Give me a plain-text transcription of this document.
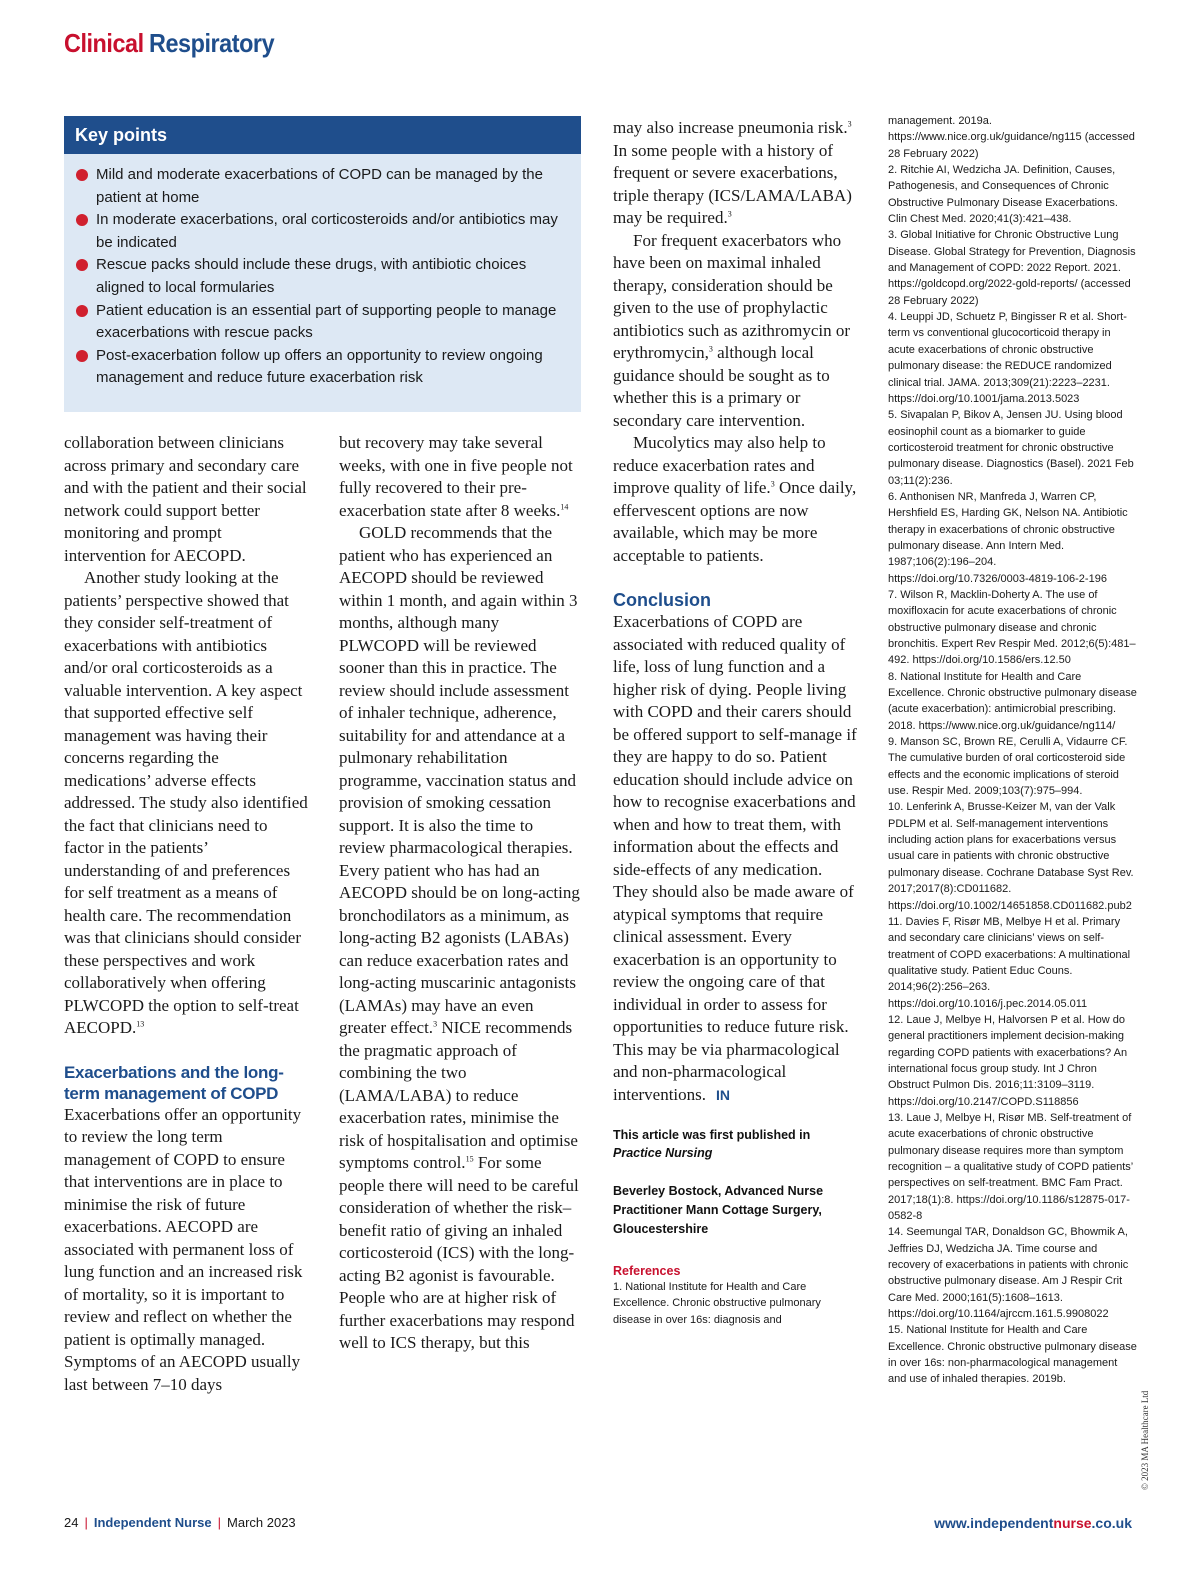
Clinical Respiratory
Key points
Mild and moderate exacerbations of COPD can be managed by the patient at home
In moderate exacerbations, oral corticosteroids and/or antibiotics may be indicated
Rescue packs should include these drugs, with antibiotic choices aligned to local formularies
Patient education is an essential part of supporting people to manage exacerbations with rescue packs
Post-exacerbation follow up offers an opportunity to review ongoing management and reduce future exacerbation risk

collaboration between clinicians across primary and secondary care and with the patient and their social network could support better monitoring and prompt intervention for AECOPD.

Another study looking at the patients’ perspective showed that they consider self-treatment of exacerbations with antibiotics and/or oral corticosteroids as a valuable intervention. A key aspect that supported effective self management was having their concerns regarding the medications’ adverse effects addressed. The study also identified the fact that clinicians need to factor in the patients’ understanding of and preferences for self treatment as a means of health care. The recommendation was that clinicians should consider these perspectives and work collaboratively when offering PLWCOPD the option to self-treat AECOPD.$^{13}$

Exacerbations and the long-term management of COPD

Exacerbations offer an opportunity to review the long term management of COPD to ensure that interventions are in place to minimise the risk of future exacerbations. AECOPD are associated with permanent loss of lung function and an increased risk of mortality, so it is important to review and reflect on whether the patient is optimally managed. Symptoms of an AECOPD usually last between 7–10 days

but recovery may take several weeks, with one in five people not fully recovered to their pre-exacerbation state after 8 weeks.$^{14}$

GOLD recommends that the patient who has experienced an AECOPD should be reviewed within 1 month, and again within 3 months, although many PLWCOPD will be reviewed sooner than this in practice. The review should include assessment of inhaler technique, adherence, suitability for and attendance at a pulmonary rehabilitation programme, vaccination status and provision of smoking cessation support. It is also the time to review pharmacological therapies. Every patient who has had an AECOPD should be on long-acting bronchodilators as a minimum, as long-acting B2 agonists (LABAs) can reduce exacerbation rates and long-acting muscarinic antagonists (LAMAs) may have an even greater effect.$^3$ NICE recommends the pragmatic approach of combining the two (LAMA/LABA) to reduce exacerbation rates, minimise the risk of hospitalisation and optimise symptoms control.$^{15}$ For some people there will need to be careful consideration of whether the risk–benefit ratio of giving an inhaled corticosteroid (ICS) with the long-acting B2 agonist is favourable. People who are at higher risk of further exacerbations may respond well to ICS therapy, but this

may also increase pneumonia risk.$^3$ In some people with a history of frequent or severe exacerbations, triple therapy (ICS/LAMA/LABA) may be required.$^3$

For frequent exacerbators who have been on maximal inhaled therapy, consideration should be given to the use of prophylactic antibiotics such as azithromycin or erythromycin,$^3$ although local guidance should be sought as to whether this is a primary or secondary care intervention.

Mucolytics may also help to reduce exacerbation rates and improve quality of life.$^3$ Once daily, effervescent options are now available, which may be more acceptable to patients.

Conclusion

Exacerbations of COPD are associated with reduced quality of life, loss of lung function and a higher risk of dying. People living with COPD and their carers should be offered support to self-manage if they are happy to do so. Patient education should include advice on how to recognise exacerbations and when and how to treat them, with information about the effects and side-effects of any medication. They should also be made aware of atypical symptoms that require clinical assessment. Every exacerbation is an opportunity to review the ongoing care of that individual in order to assess for opportunities to reduce future risk. This may be via pharmacological and non-pharmacological interventions. IN

This article was first published in
Practice Nursing
Beverley Bostock, Advanced Nurse Practitioner Mann Cottage Surgery, Gloucestershire
References
1. National Institute for Health and Care Excellence. Chronic obstructive pulmonary disease in over 16s: diagnosis and
management. 2019a. https://www.nice.org.uk/guidance/ng115 (accessed 28 February 2022)
2. Ritchie AI, Wedzicha JA. Definition, Causes, Pathogenesis, and Consequences of Chronic Obstructive Pulmonary Disease Exacerbations. Clin Chest Med. 2020;41(3):421–438.
3. Global Initiative for Chronic Obstructive Lung Disease. Global Strategy for Prevention, Diagnosis and Management of COPD: 2022 Report. 2021. https://goldcopd.org/2022-gold-reports/ (accessed 28 February 2022)
4. Leuppi JD, Schuetz P, Bingisser R et al. Short-term vs conventional glucocorticoid therapy in acute exacerbations of chronic obstructive pulmonary disease: the REDUCE randomized clinical trial. JAMA. 2013;309(21):2223–2231. https://doi.org/10.1001/jama.2013.5023
5. Sivapalan P, Bikov A, Jensen JU. Using blood eosinophil count as a biomarker to guide corticosteroid treatment for chronic obstructive pulmonary disease. Diagnostics (Basel). 2021 Feb 03;11(2):236.
6. Anthonisen NR, Manfreda J, Warren CP, Hershfield ES, Harding GK, Nelson NA. Antibiotic therapy in exacerbations of chronic obstructive pulmonary disease. Ann Intern Med. 1987;106(2):196–204. https://doi.org/10.7326/0003-4819-106-2-196
7. Wilson R, Macklin-Doherty A. The use of moxifloxacin for acute exacerbations of chronic obstructive pulmonary disease and chronic bronchitis. Expert Rev Respir Med. 2012;6(5):481–492. https://doi.org/10.1586/ers.12.50
8. National Institute for Health and Care Excellence. Chronic obstructive pulmonary disease (acute exacerbation): antimicrobial prescribing. 2018. https://www.nice.org.uk/guidance/ng114/
9. Manson SC, Brown RE, Cerulli A, Vidaurre CF. The cumulative burden of oral corticosteroid side effects and the economic implications of steroid use. Respir Med. 2009;103(7):975–994.
10. Lenferink A, Brusse-Keizer M, van der Valk PDLPM et al. Self-management interventions including action plans for exacerbations versus usual care in patients with chronic obstructive pulmonary disease. Cochrane Database Syst Rev. 2017;2017(8):CD011682. https://doi.org/10.1002/14651858.CD011682.pub2
11. Davies F, Risør MB, Melbye H et al. Primary and secondary care clinicians’ views on self-treatment of COPD exacerbations: A multinational qualitative study. Patient Educ Couns. 2014;96(2):256–263. https://doi.org/10.1016/j.pec.2014.05.011
12. Laue J, Melbye H, Halvorsen P et al. How do general practitioners implement decision-making regarding COPD patients with exacerbations? An international focus group study. Int J Chron Obstruct Pulmon Dis. 2016;11:3109–3119. https://doi.org/10.2147/COPD.S118856
13. Laue J, Melbye H, Risør MB. Self-treatment of acute exacerbations of chronic obstructive pulmonary disease requires more than symptom recognition – a qualitative study of COPD patients’ perspectives on self-treatment. BMC Fam Pract. 2017;18(1):8. https://doi.org/10.1186/s12875-017-0582-8
14. Seemungal TAR, Donaldson GC, Bhowmik A, Jeffries DJ, Wedzicha JA. Time course and recovery of exacerbations in patients with chronic obstructive pulmonary disease. Am J Respir Crit Care Med. 2000;161(5):1608–1613. https://doi.org/10.1164/ajrccm.161.5.9908022
15. National Institute for Health and Care Excellence. Chronic obstructive pulmonary disease in over 16s: non-pharmacological management and use of inhaled therapies. 2019b.
© 2023 MA Healthcare Ltd
24 | Independent Nurse | March 2023	www.independentnurse.co.uk
